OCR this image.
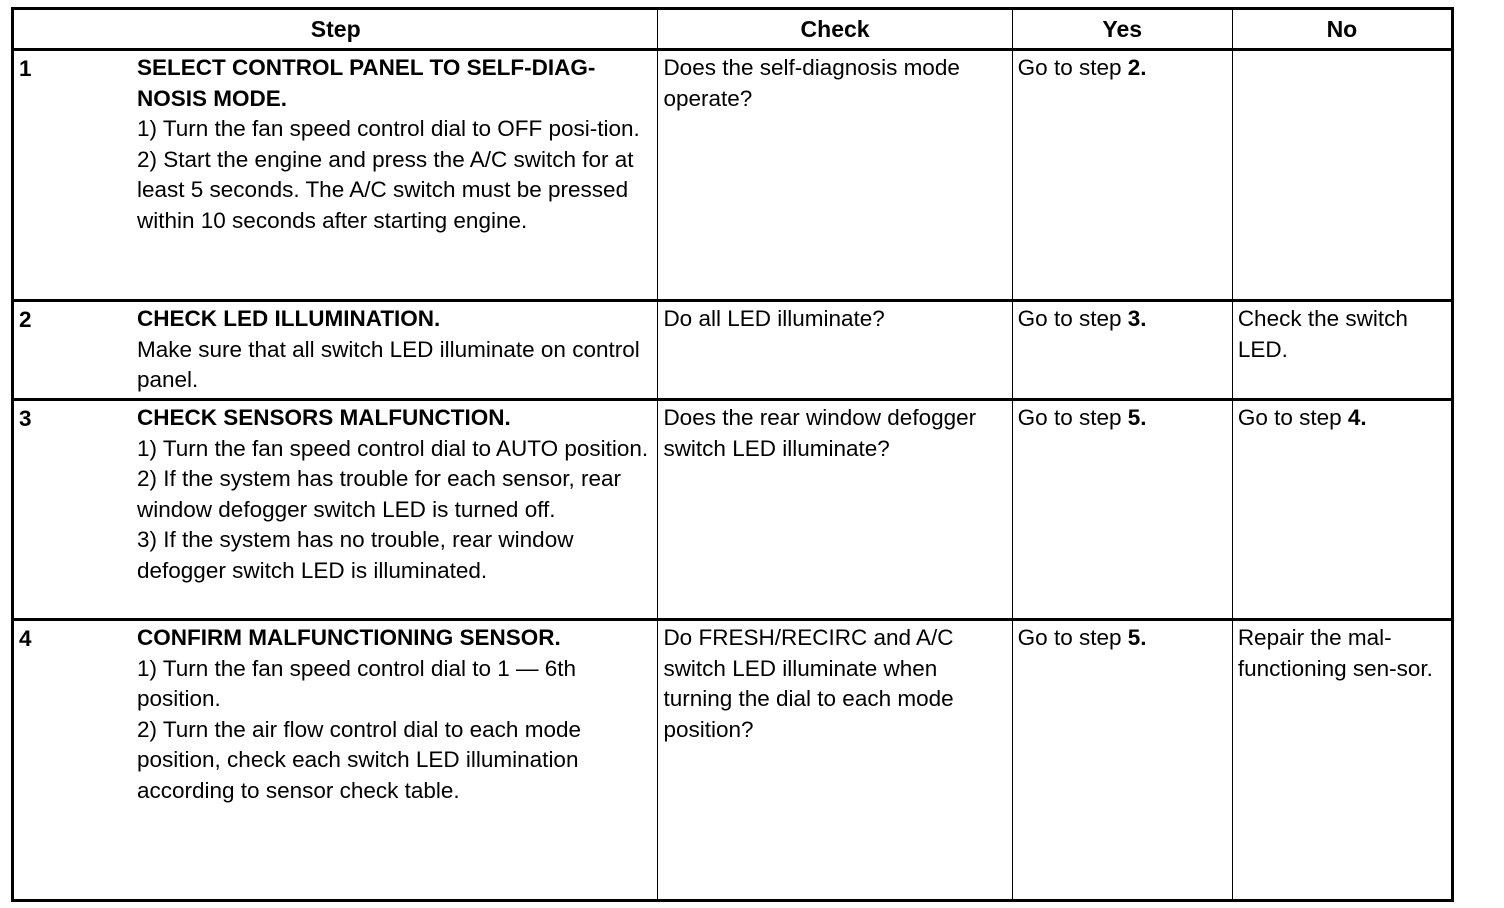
Step	Check	Yes	No

1 SELECT CONTROL PANEL TO SELF-DIAG-NOSIS MODE.
1) Turn the fan speed control dial to OFF posi-tion.
2) Start the engine and press the A/C switch for at least 5 seconds. The A/C switch must be pressed within 10 seconds after starting engine.	Does the self-diagnosis mode operate?	Go to step 2.	

2 CHECK LED ILLUMINATION.
Make sure that all switch LED illuminate on control panel.	Do all LED illuminate?	Go to step 3.	Check the switch LED.

3 CHECK SENSORS MALFUNCTION.
1) Turn the fan speed control dial to AUTO position.
2) If the system has trouble for each sensor, rear window defogger switch LED is turned off.
3) If the system has no trouble, rear window defogger switch LED is illuminated.	Does the rear window defogger switch LED illuminate?	Go to step 5.	Go to step 4.

4 CONFIRM MALFUNCTIONING SENSOR.
1) Turn the fan speed control dial to 1 — 6th position.
2) Turn the air flow control dial to each mode position, check each switch LED illumination according to sensor check table.	Do FRESH/RECIRC and A/C switch LED illuminate when turning the dial to each mode position?	Go to step 5.	Repair the mal-functioning sen-sor.
